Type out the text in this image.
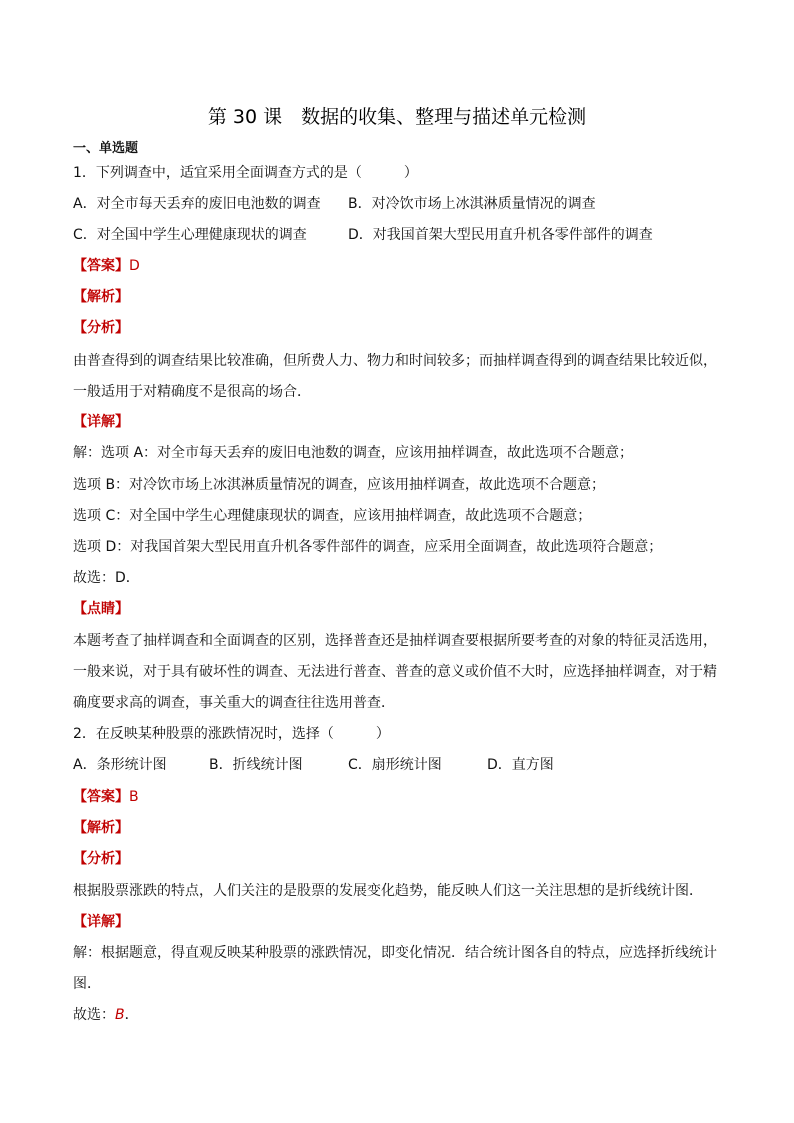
第 30 课　数据的收集、整理与描述单元检测
一、单选题
1．下列调查中，适宜采用全面调查方式的是（　　　）
A．对全市每天丢弃的废旧电池数的调查 B．对冷饮市场上冰淇淋质量情况的调查
C．对全国中学生心理健康现状的调查	D．对我国首架大型民用直升机各零件部件的调查
【答案】D
【解析】
【分析】
由普查得到的调查结果比较准确，但所费人力、物力和时间较多；而抽样调查得到的调查结果比较近似，
一般适用于对精确度不是很高的场合．
【详解】
解：选项 A：对全市每天丢弃的废旧电池数的调查，应该用抽样调查，故此选项不合题意；
选项 B：对冷饮市场上冰淇淋质量情况的调查，应该用抽样调查，故此选项不合题意；
选项 C：对全国中学生心理健康现状的调查，应该用抽样调查，故此选项不合题意；
选项 D：对我国首架大型民用直升机各零件部件的调查，应采用全面调查，故此选项符合题意；
故选：D．
【点睛】
本题考查了抽样调查和全面调查的区别，选择普查还是抽样调查要根据所要考查的对象的特征灵活选用，
一般来说，对于具有破坏性的调查、无法进行普查、普查的意义或价值不大时，应选择抽样调查，对于精
确度要求高的调查，事关重大的调查往往选用普查．
2．在反映某种股票的涨跌情况时，选择（　　　）
A．条形统计图	B．折线统计图	C．扇形统计图	D．直方图
【答案】B
【解析】
【分析】
根据股票涨跌的特点，人们关注的是股票的发展变化趋势，能反映人们这一关注思想的是折线统计图．
【详解】
解：根据题意，得直观反映某种股票的涨跌情况，即变化情况．结合统计图各自的特点，应选择折线统计
图．
故选：B．
